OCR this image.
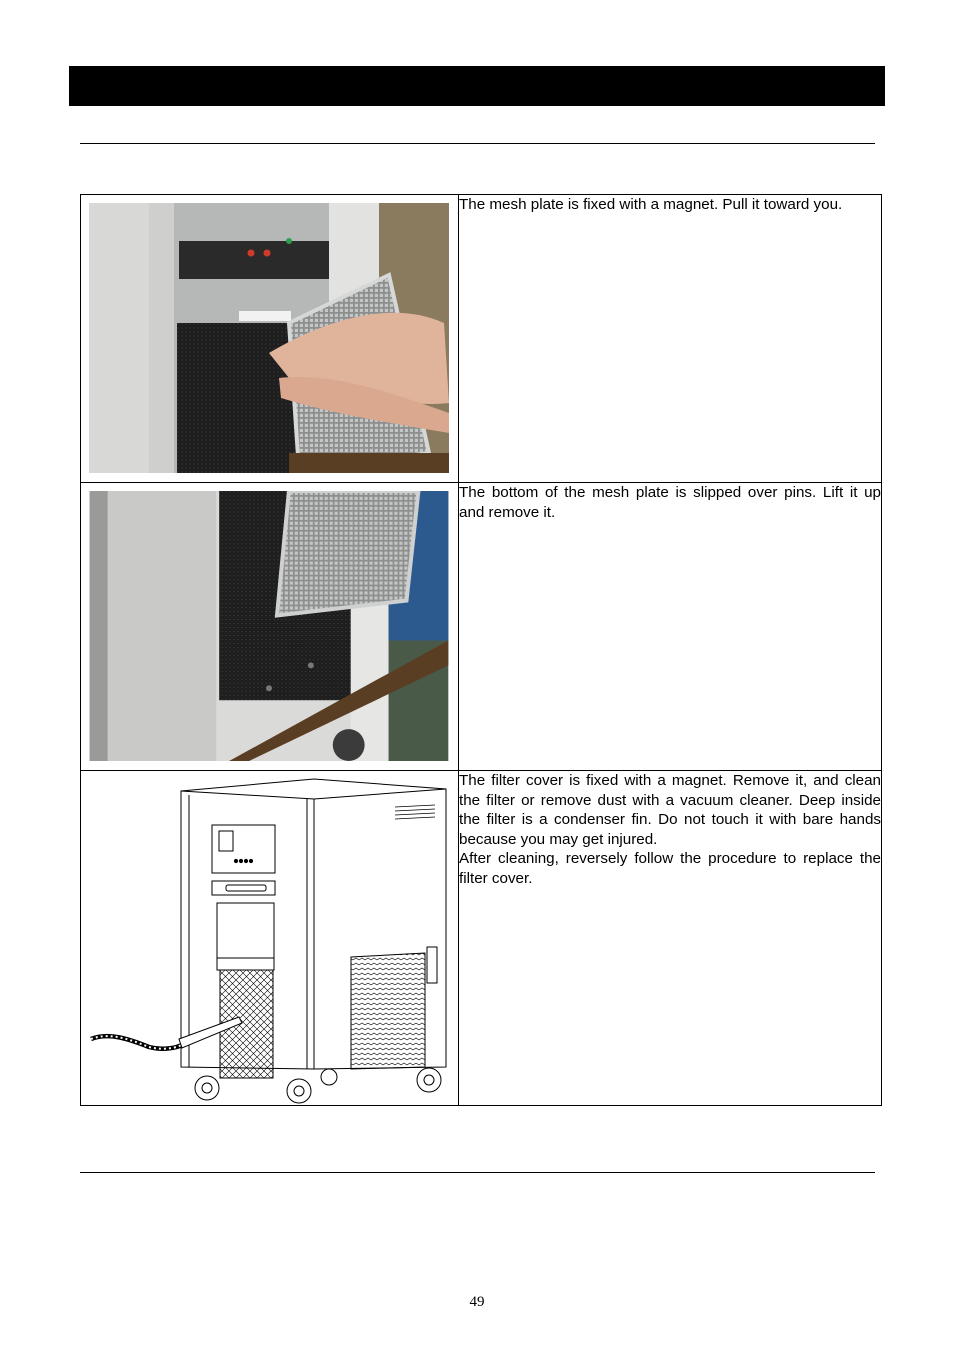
	The mesh plate is fixed with a magnet. Pull it toward you.

	The bottom of the mesh plate is slipped over pins. Lift it up and remove it.

The filter cover is fixed with a magnet. Remove it, and clean the filter or remove dust with a vacuum cleaner. Deep inside the filter is a condenser fin. Do not touch it with bare hands because you may get injured.
After cleaning, reversely follow the procedure to replace the filter cover.
49
